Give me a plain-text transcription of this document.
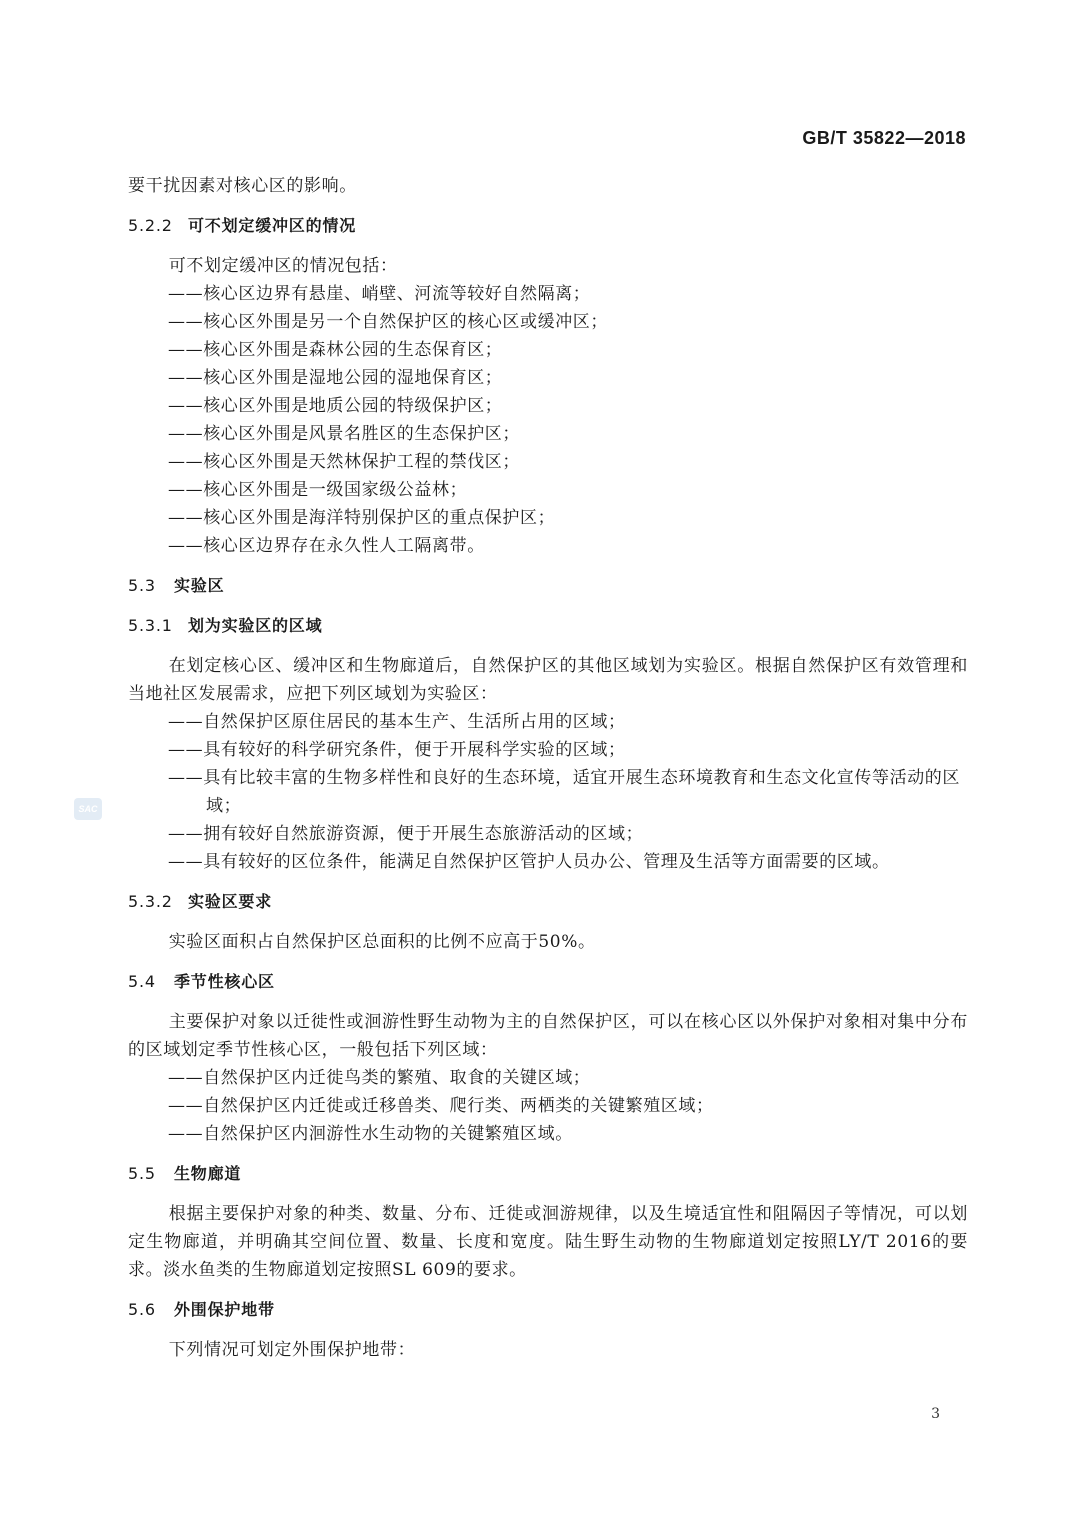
GB/T 35822—2018
SAC

要干扰因素对核心区的影响。

5.2.2 可不划定缓冲区的情况

可不划定缓冲区的情况包括：

——核心区边界有悬崖、峭壁、河流等较好自然隔离；

——核心区外围是另一个自然保护区的核心区或缓冲区；

——核心区外围是森林公园的生态保育区；

——核心区外围是湿地公园的湿地保育区；

——核心区外围是地质公园的特级保护区；

——核心区外围是风景名胜区的生态保护区；

——核心区外围是天然林保护工程的禁伐区；

——核心区外围是一级国家级公益林；

——核心区外围是海洋特别保护区的重点保护区；

——核心区边界存在永久性人工隔离带。

5.3 实验区

5.3.1 划为实验区的区域

在划定核心区、缓冲区和生物廊道后，自然保护区的其他区域划为实验区。根据自然保护区有效管理和当地社区发展需求，应把下列区域划为实验区：

——自然保护区原住居民的基本生产、生活所占用的区域；

——具有较好的科学研究条件，便于开展科学实验的区域；

——具有比较丰富的生物多样性和良好的生态环境，适宜开展生态环境教育和生态文化宣传等活动的区域；

——拥有较好自然旅游资源，便于开展生态旅游活动的区域；

——具有较好的区位条件，能满足自然保护区管护人员办公、管理及生活等方面需要的区域。

5.3.2 实验区要求

实验区面积占自然保护区总面积的比例不应高于50%。

5.4 季节性核心区

主要保护对象以迁徙性或洄游性野生动物为主的自然保护区，可以在核心区以外保护对象相对集中分布的区域划定季节性核心区，一般包括下列区域：

——自然保护区内迁徙鸟类的繁殖、取食的关键区域；

——自然保护区内迁徙或迁移兽类、爬行类、两栖类的关键繁殖区域；

——自然保护区内洄游性水生动物的关键繁殖区域。

5.5 生物廊道

根据主要保护对象的种类、数量、分布、迁徙或洄游规律，以及生境适宜性和阻隔因子等情况，可以划定生物廊道，并明确其空间位置、数量、长度和宽度。陆生野生动物的生物廊道划定按照LY/T 2016的要求。淡水鱼类的生物廊道划定按照SL 609的要求。

5.6 外围保护地带

下列情况可划定外围保护地带：

3
